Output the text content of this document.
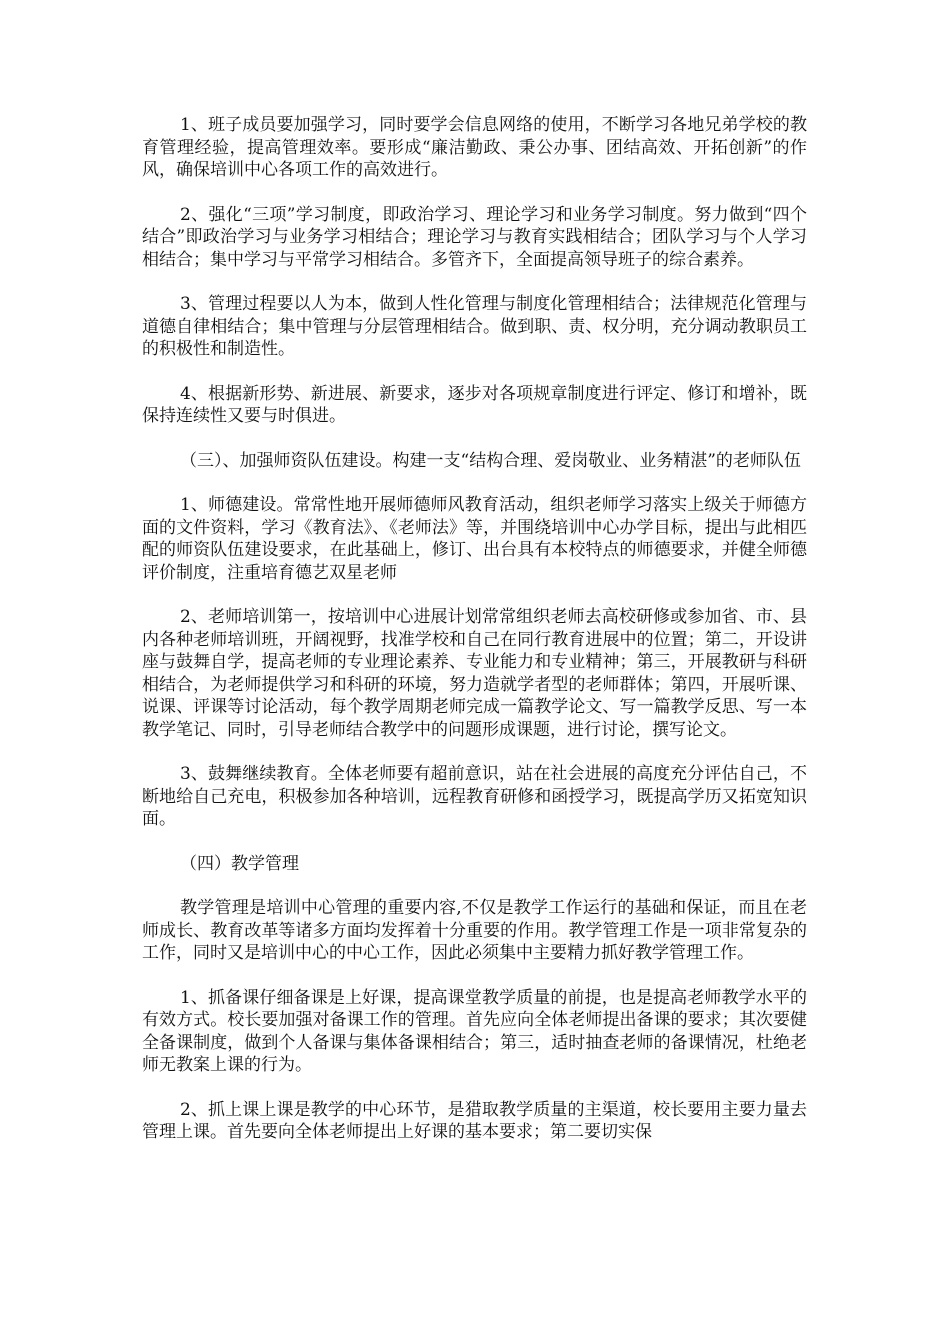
1、班子成员要加强学习，同时要学会信息网络的使用，不断学习各地兄弟学校的教育管理经验，提高管理效率。要形成“廉洁勤政、秉公办事、团结高效、开拓创新”的作风，确保培训中心各项工作的高效进行。

2、强化“三项”学习制度，即政治学习、理论学习和业务学习制度。努力做到“四个结合”即政治学习与业务学习相结合；理论学习与教育实践相结合；团队学习与个人学习相结合；集中学习与平常学习相结合。多管齐下，全面提高领导班子的综合素养。

3、管理过程要以人为本，做到人性化管理与制度化管理相结合；法律规范化管理与道德自律相结合；集中管理与分层管理相结合。做到职、责、权分明，充分调动教职员工的积极性和制造性。

4、根据新形势、新进展、新要求，逐步对各项规章制度进行评定、修订和增补，既保持连续性又要与时俱进。

（三）、加强师资队伍建设。构建一支“结构合理、爱岗敬业、业务精湛”的老师队伍

1、师德建设。常常性地开展师德师风教育活动，组织老师学习落实上级关于师德方面的文件资料，学习《教育法》、《老师法》等，并围绕培训中心办学目标，提出与此相匹配的师资队伍建设要求，在此基础上，修订、出台具有本校特点的师德要求，并健全师德评价制度，注重培育德艺双星老师

2、老师培训第一，按培训中心进展计划常常组织老师去高校研修或参加省、市、县内各种老师培训班，开阔视野，找准学校和自己在同行教育进展中的位置；第二，开设讲座与鼓舞自学，提高老师的专业理论素养、专业能力和专业精神；第三，开展教研与科研相结合，为老师提供学习和科研的环境，努力造就学者型的老师群体；第四，开展听课、说课、评课等讨论活动，每个教学周期老师完成一篇教学论文、写一篇教学反思、写一本教学笔记、同时，引导老师结合教学中的问题形成课题，进行讨论，撰写论文。

3、鼓舞继续教育。全体老师要有超前意识，站在社会进展的高度充分评估自己，不断地给自己充电，积极参加各种培训，远程教育研修和函授学习，既提高学历又拓宽知识面。

（四）教学管理

教学管理是培训中心管理的重要内容,不仅是教学工作运行的基础和保证，而且在老师成长、教育改革等诸多方面均发挥着十分重要的作用。教学管理工作是一项非常复杂的工作，同时又是培训中心的中心工作，因此必须集中主要精力抓好教学管理工作。

1、抓备课仔细备课是上好课，提高课堂教学质量的前提，也是提高老师教学水平的有效方式。校长要加强对备课工作的管理。首先应向全体老师提出备课的要求；其次要健全备课制度，做到个人备课与集体备课相结合；第三，适时抽查老师的备课情况，杜绝老师无教案上课的行为。

2、抓上课上课是教学的中心环节，是猎取教学质量的主渠道，校长要用主要力量去管理上课。首先要向全体老师提出上好课的基本要求；第二要切实保
